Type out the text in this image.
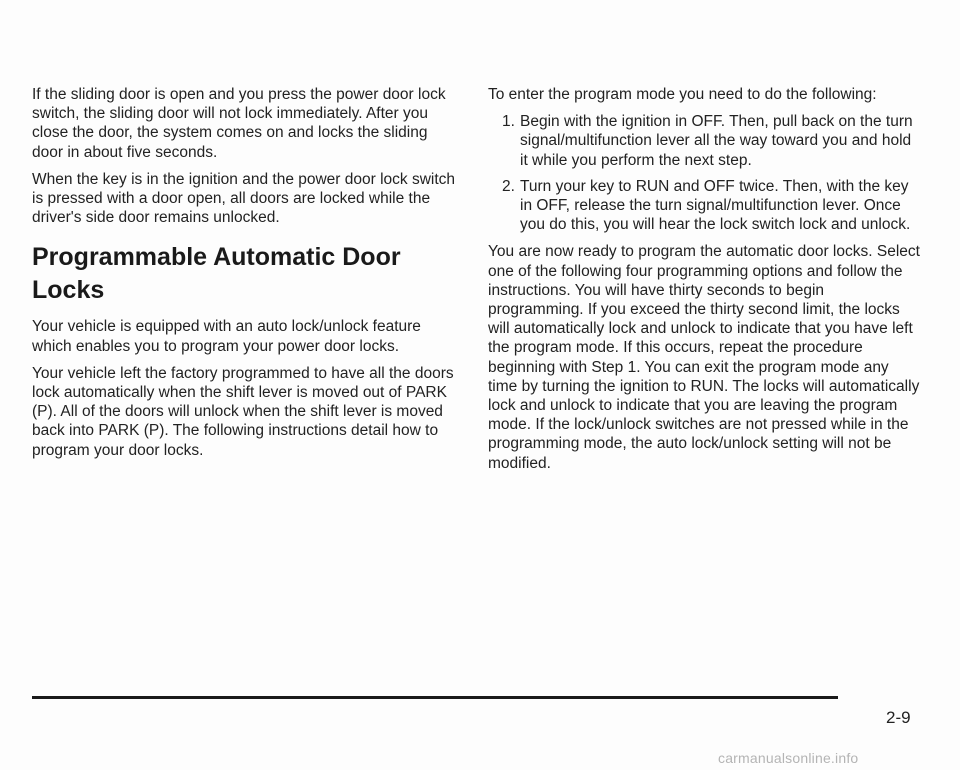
If the sliding door is open and you press the power door lock switch, the sliding door will not lock immediately. After you close the door, the system comes on and locks the sliding door in about five seconds.

When the key is in the ignition and the power door lock switch is pressed with a door open, all doors are locked while the driver's side door remains unlocked.

Programmable Automatic Door Locks

Your vehicle is equipped with an auto lock/unlock feature which enables you to program your power door locks.

Your vehicle left the factory programmed to have all the doors lock automatically when the shift lever is moved out of PARK (P). All of the doors will unlock when the shift lever is moved back into PARK (P). The following instructions detail how to program your door locks.

To enter the program mode you need to do the following:

1. Begin with the ignition in OFF. Then, pull back on the turn signal/multifunction lever all the way toward you and hold it while you perform the next step.
2. Turn your key to RUN and OFF twice. Then, with the key in OFF, release the turn signal/multifunction lever. Once you do this, you will hear the lock switch lock and unlock.

You are now ready to program the automatic door locks. Select one of the following four programming options and follow the instructions. You will have thirty seconds to begin programming. If you exceed the thirty second limit, the locks will automatically lock and unlock to indicate that you have left the program mode. If this occurs, repeat the procedure beginning with Step 1. You can exit the program mode any time by turning the ignition to RUN. The locks will automatically lock and unlock to indicate that you are leaving the program mode. If the lock/unlock switches are not pressed while in the programming mode, the auto lock/unlock setting will not be modified.

2-9
carmanualsonline.info
